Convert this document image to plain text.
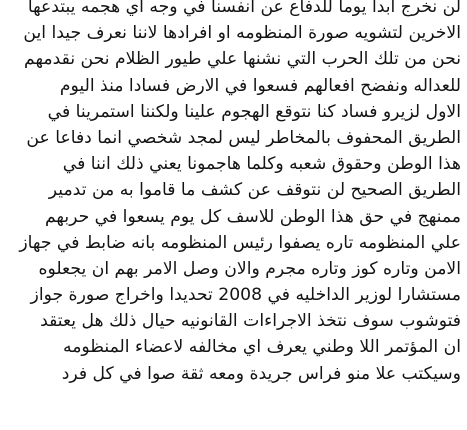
لن نخرج ابدا يوما للدفاع عن انفسنا في وجه اي هجمه يبتدعها
الاخرين لتشويه صورة المنظومه او افرادها لاننا نعرف جيدا اين
نحن من تلك الحرب التي نشنها علي طيور الظلام نحن نقدمهم
للعداله ونفضح افعالهم فسعوا في الارض فسادا منذ اليوم
الاول لزيرو فساد كنا نتوقع الهجوم علينا ولكننا استمرينا في
الطريق المحفوف بالمخاطر ليس لمجد شخصي انما دفاعا عن
هذا الوطن وحقوق شعبه وكلما هاجمونا يعني ذلك اننا في
الطريق الصحيح لن نتوقف عن كشف ما قاموا به من تدمير
ممنهج في حق هذا الوطن للاسف كل يوم يسعوا في حربهم
علي المنظومه تاره يصفوا رئيس المنظومه بانه ضابط في جهاز
الامن وتاره كوز وتاره مجرم والان وصل الامر بهم ان يجعلوه
مستشارا لوزير الداخليه في 2008 تحديدا واخراج صورة جواز
فتوشوب سوف نتخذ الاجراءات القانونيه حيال ذلك هل يعتقد
ان المؤتمر اللا وطني يعرف اي مخالفه لاعضاء المنظومه
وسيكتب علا منو فراس جريدة ومعه ثقة صوا في كل فرد
